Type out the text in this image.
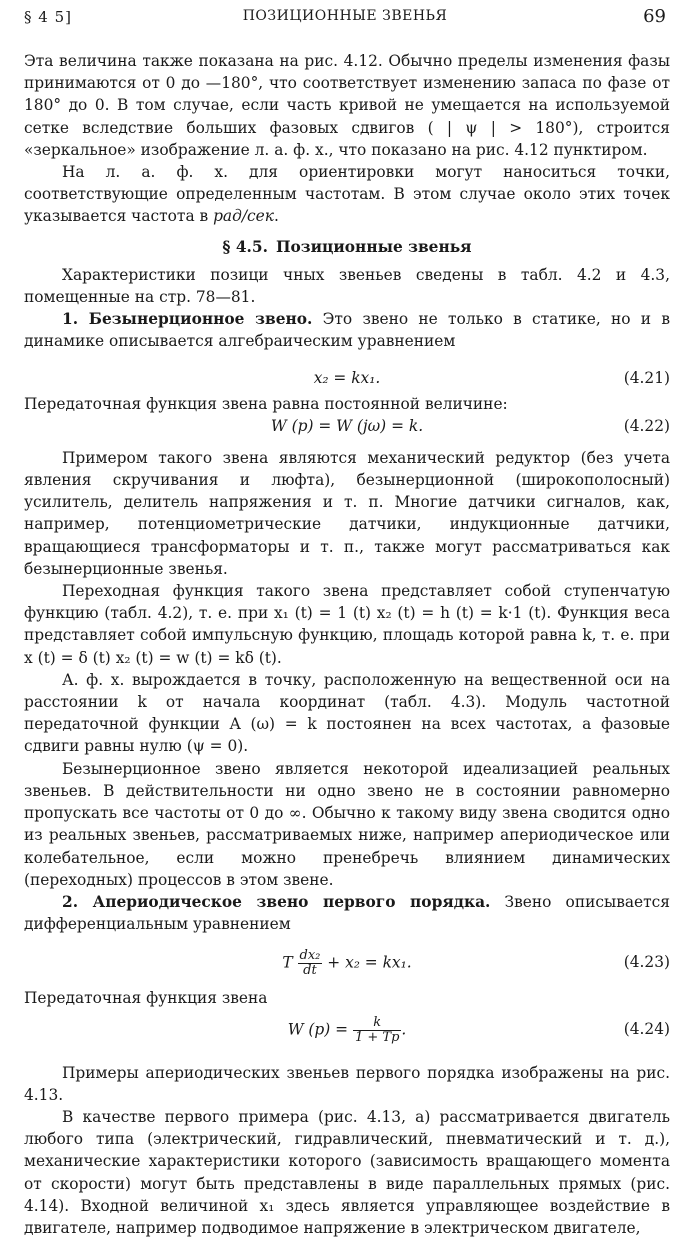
§ 4 5]	ПОЗИЦИОННЫЕ ЗВЕНЬЯ	69

Эта величина также показана на рис. 4.12. Обычно пределы изменения фазы принимаются от 0 до —180°, что соответствует изменению запаса по фазе от 180° до 0. В том случае, если часть кривой не умещается на используемой сетке вследствие больших фазовых сдвигов ( | ψ | > 180°), строится «зеркальное» изображение л. а. ф. х., что показано на рис. 4.12 пунктиром.

На л. а. ф. х. для ориентировки могут наноситься точки, соответствующие определенным частотам. В этом случае около этих точек указывается частота в рад/сек.

§ 4.5. Позиционные звенья

Характеристики позици чных звеньев сведены в табл. 4.2 и 4.3, помещенные на стр. 78—81.

1. Безынерционное звено. Это звено не только в статике, но и в динамике описывается алгебраическим уравнением

x₂ = kx₁.	(4.21)

Передаточная функция звена равна постоянной величине:

W (p) = W (jω) = k.	(4.22)

Примером такого звена являются механический редуктор (без учета явления скручивания и люфта), безынерционной (широкополосный) усилитель, делитель напряжения и т. п. Многие датчики сигналов, как, например, потенциометрические датчики, индукционные датчики, вращающиеся трансформаторы и т. п., также могут рассматриваться как безынерционные звенья.

Переходная функция такого звена представляет собой ступенчатую функцию (табл. 4.2), т. е. при x₁ (t) = 1 (t) x₂ (t) = h (t) = k·1 (t). Функция веса представляет собой импульсную функцию, площадь которой равна k, т. е. при x (t) = δ (t) x₂ (t) = w (t) = kδ (t).

А. ф. х. вырождается в точку, расположенную на вещественной оси на расстоянии k от начала координат (табл. 4.3). Модуль частотной передаточной функции A (ω) = k постоянен на всех частотах, а фазовые сдвиги равны нулю (ψ = 0).

Безынерционное звено является некоторой идеализацией реальных звеньев. В действительности ни одно звено не в состоянии равномерно пропускать все частоты от 0 до ∞. Обычно к такому виду звена сводится одно из реальных звеньев, рассматриваемых ниже, например апериодическое или колебательное, если можно пренебречь влиянием динамических (переходных) процессов в этом звене.

2. Апериодическое звено первого порядка. Звено описывается дифференциальным уравнением

T $\frac{\text{dx₂}}{dt} + x_2 = kx_1$.	(4.23)

Передаточная функция звена

W $(p) = \frac{k}{1 + Tp}$ .	(4.24)

Примеры апериодических звеньев первого порядка изображены на рис. 4.13.

В качестве первого примера (рис. 4.13, а) рассматривается двигатель любого типа (электрический, гидравлический, пневматический и т. д.), механические характеристики которого (зависимость вращающего момента от скорости) могут быть представлены в виде параллельных прямых (рис. 4.14). Входной величиной x₁ здесь является управляющее воздействие в двигателе, например подводимое напряжение в электрическом двигателе,
